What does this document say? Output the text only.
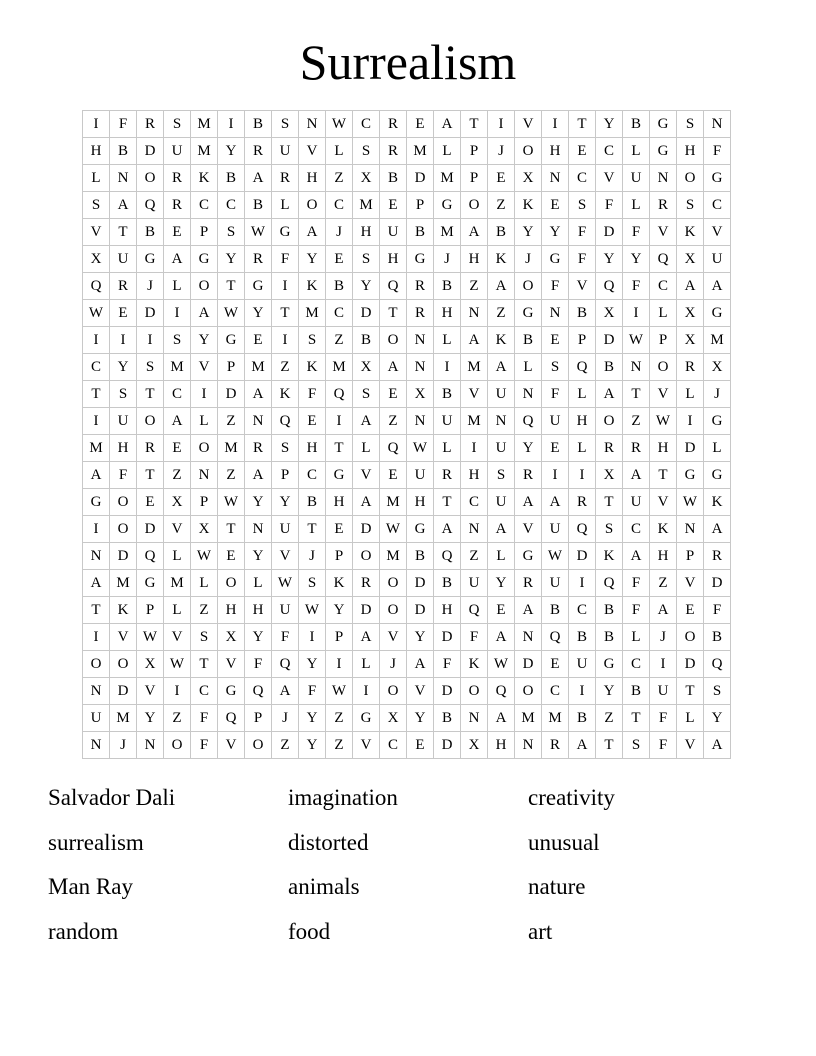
Surrealism
I	F	R	S	M	I	B	S	N	W	C	R	E	A	T	I	V	I	T	Y	B	G	S	N
H	B	D	U	M	Y	R	U	V	L	S	R	M	L	P	J	O	H	E	C	L	G	H	F
L	N	O	R	K	B	A	R	H	Z	X	B	D	M	P	E	X	N	C	V	U	N	O	G
S	A	Q	R	C	C	B	L	O	C	M	E	P	G	O	Z	K	E	S	F	L	R	S	C
V	T	B	E	P	S	W	G	A	J	H	U	B	M	A	B	Y	Y	F	D	F	V	K	V
X	U	G	A	G	Y	R	F	Y	E	S	H	G	J	H	K	J	G	F	Y	Y	Q	X	U
Q	R	J	L	O	T	G	I	K	B	Y	Q	R	B	Z	A	O	F	V	Q	F	C	A	A
W	E	D	I	A	W	Y	T	M	C	D	T	R	H	N	Z	G	N	B	X	I	L	X	G
I	I	I	S	Y	G	E	I	S	Z	B	O	N	L	A	K	B	E	P	D	W	P	X	M
C	Y	S	M	V	P	M	Z	K	M	X	A	N	I	M	A	L	S	Q	B	N	O	R	X
T	S	T	C	I	D	A	K	F	Q	S	E	X	B	V	U	N	F	L	A	T	V	L	J
I	U	O	A	L	Z	N	Q	E	I	A	Z	N	U	M	N	Q	U	H	O	Z	W	I	G
M	H	R	E	O	M	R	S	H	T	L	Q	W	L	I	U	Y	E	L	R	R	H	D	L
A	F	T	Z	N	Z	A	P	C	G	V	E	U	R	H	S	R	I	I	X	A	T	G	G
G	O	E	X	P	W	Y	Y	B	H	A	M	H	T	C	U	A	A	R	T	U	V	W	K
I	O	D	V	X	T	N	U	T	E	D	W	G	A	N	A	V	U	Q	S	C	K	N	A
N	D	Q	L	W	E	Y	V	J	P	O	M	B	Q	Z	L	G	W	D	K	A	H	P	R
A	M	G	M	L	O	L	W	S	K	R	O	D	B	U	Y	R	U	I	Q	F	Z	V	D
T	K	P	L	Z	H	H	U	W	Y	D	O	D	H	Q	E	A	B	C	B	F	A	E	F
I	V	W	V	S	X	Y	F	I	P	A	V	Y	D	F	A	N	Q	B	B	L	J	O	B
O	O	X	W	T	V	F	Q	Y	I	L	J	A	F	K	W	D	E	U	G	C	I	D	Q
N	D	V	I	C	G	Q	A	F	W	I	O	V	D	O	Q	O	C	I	Y	B	U	T	S
U	M	Y	Z	F	Q	P	J	Y	Z	G	X	Y	B	N	A	M	M	B	Z	T	F	L	Y
N	J	N	O	F	V	O	Z	Y	Z	V	C	E	D	X	H	N	R	A	T	S	F	V	A
Salvador Dali	imagination	creativity
surrealism	distorted	unusual
Man Ray	animals	nature
random	food	art
